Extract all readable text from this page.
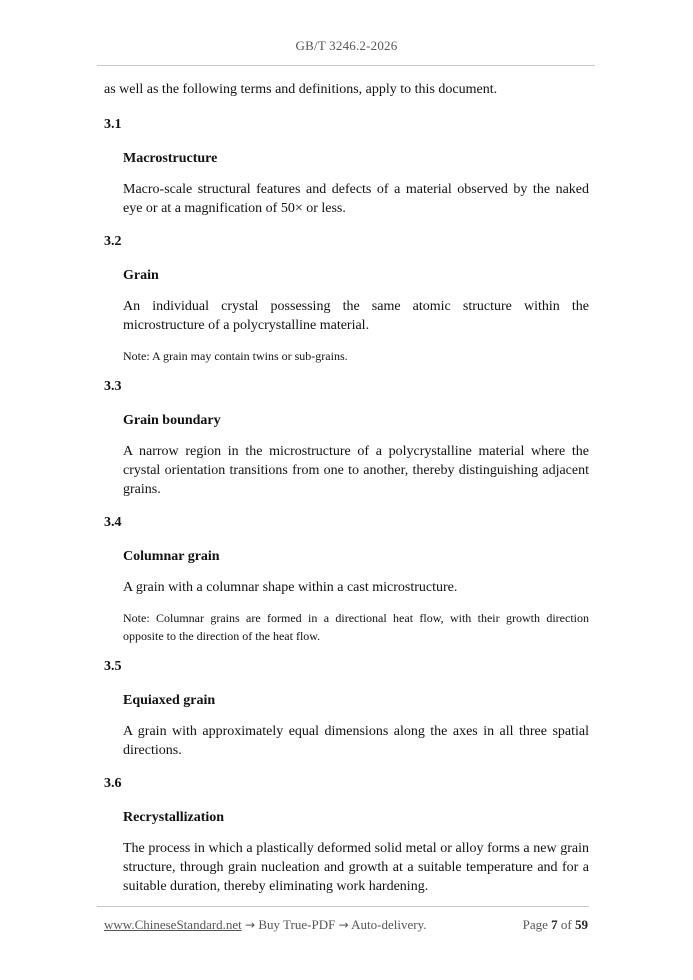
GB/T 3246.2-2026

as well as the following terms and definitions, apply to this document.

3.1
Macrostructure

Macro-scale structural features and defects of a material observed by the naked eye or at a magnification of 50× or less.

3.2
Grain

An individual crystal possessing the same atomic structure within the microstructure of a polycrystalline material.

Note: A grain may contain twins or sub-grains.

3.3
Grain boundary

A narrow region in the microstructure of a polycrystalline material where the crystal orientation transitions from one to another, thereby distinguishing adjacent grains.

3.4
Columnar grain

A grain with a columnar shape within a cast microstructure.

Note: Columnar grains are formed in a directional heat flow, with their growth direction opposite to the direction of the heat flow.

3.5
Equiaxed grain

A grain with approximately equal dimensions along the axes in all three spatial directions.

3.6
Recrystallization

The process in which a plastically deformed solid metal or alloy forms a new grain structure, through grain nucleation and growth at a suitable temperature and for a suitable duration, thereby eliminating work hardening.

www.ChineseStandard.net → Buy True-PDF → Auto-delivery.	Page 7 of 59
